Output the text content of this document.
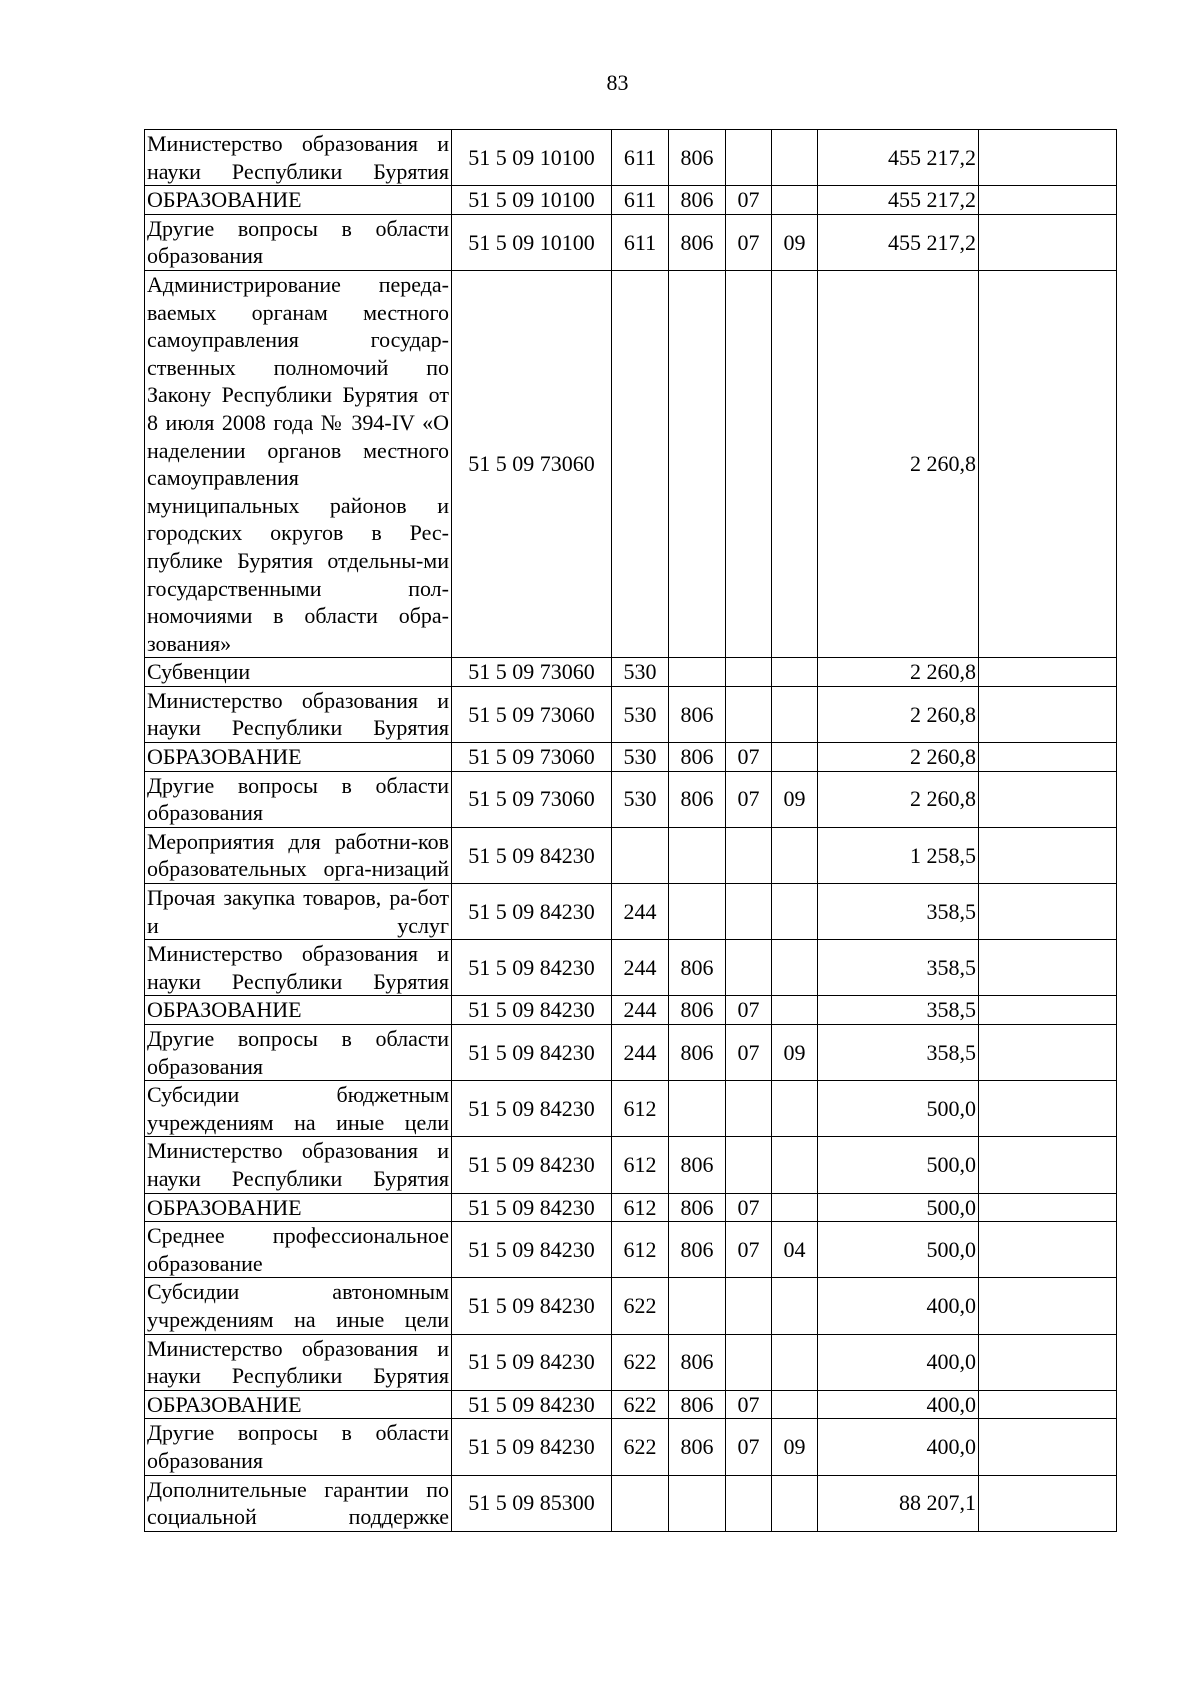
83
Министерство образования и науки Республики Бурятия	51 5 09 10100	611	806			455 217,2	
ОБРАЗОВАНИЕ	51 5 09 10100	611	806	07		455 217,2	
Другие вопросы в области образования	51 5 09 10100	611	806	07	09	455 217,2	
Администрирование переда-ваемых органам местного самоуправления государ-ственных полномочий по Закону Республики Бурятия от 8 июля 2008 года № 394-IV «О наделении органов местного самоуправления муниципальных районов и городских округов в Рес-публике Бурятия отдельны-ми государственными пол-номочиями в области обра-зования»	51 5 09 73060					2 260,8	
Субвенции	51 5 09 73060	530				2 260,8	
Министерство образования и науки Республики Бурятия	51 5 09 73060	530	806			2 260,8	
ОБРАЗОВАНИЕ	51 5 09 73060	530	806	07		2 260,8	
Другие вопросы в области образования	51 5 09 73060	530	806	07	09	2 260,8	
Мероприятия для работни-ков образовательных орга-низаций	51 5 09 84230					1 258,5	
Прочая закупка товаров, ра-бот и услуг	51 5 09 84230	244				358,5	
Министерство образования и науки Республики Бурятия	51 5 09 84230	244	806			358,5	
ОБРАЗОВАНИЕ	51 5 09 84230	244	806	07		358,5	
Другие вопросы в области образования	51 5 09 84230	244	806	07	09	358,5	
Субсидии бюджетным учреждениям на иные цели	51 5 09 84230	612				500,0	
Министерство образования и науки Республики Бурятия	51 5 09 84230	612	806			500,0	
ОБРАЗОВАНИЕ	51 5 09 84230	612	806	07		500,0	
Среднее профессиональное образование	51 5 09 84230	612	806	07	04	500,0	
Субсидии автономным учреждениям на иные цели	51 5 09 84230	622				400,0	
Министерство образования и науки Республики Бурятия	51 5 09 84230	622	806			400,0	
ОБРАЗОВАНИЕ	51 5 09 84230	622	806	07		400,0	
Другие вопросы в области образования	51 5 09 84230	622	806	07	09	400,0	
Дополнительные гарантии по социальной поддержке	51 5 09 85300					88 207,1	
